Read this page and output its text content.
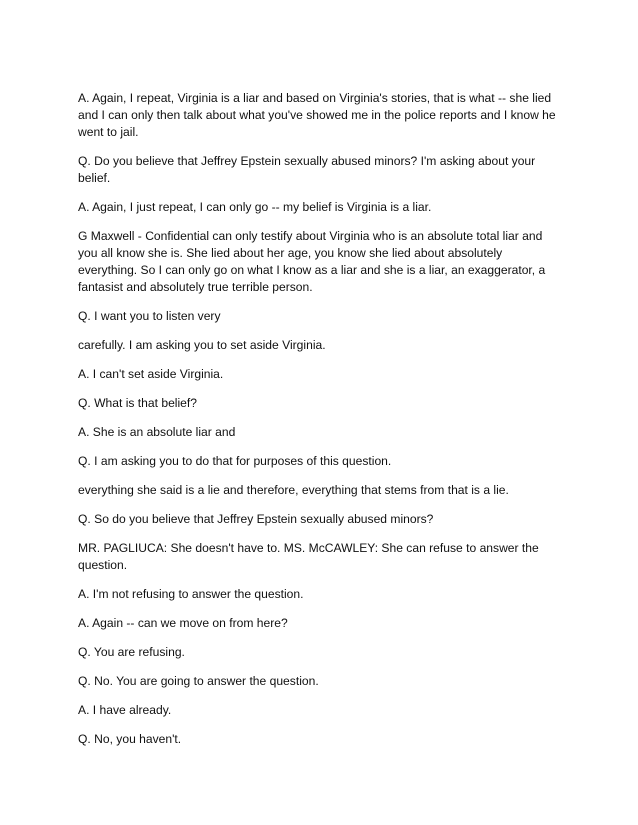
A. Again, I repeat, Virginia is a liar and based on Virginia's stories, that is what -- she lied and I can only then talk about what you've showed me in the police reports and I know he went to jail.

Q. Do you believe that Jeffrey Epstein sexually abused minors? I'm asking about your belief.

A. Again, I just repeat, I can only go -- my belief is Virginia is a liar.

G Maxwell - Confidential can only testify about Virginia who is an absolute total liar and you all know she is. She lied about her age, you know she lied about absolutely everything. So I can only go on what I know as a liar and she is a liar, an exaggerator, a fantasist and absolutely true terrible person.

Q. I want you to listen very

carefully. I am asking you to set aside Virginia.

A. I can't set aside Virginia.

Q. What is that belief?

A. She is an absolute liar and

Q. I am asking you to do that for purposes of this question.

everything she said is a lie and therefore, everything that stems from that is a lie.

Q. So do you believe that Jeffrey Epstein sexually abused minors?

MR. PAGLIUCA: She doesn't have to. MS. McCAWLEY: She can refuse to answer the question.

A. I'm not refusing to answer the question.

A. Again -- can we move on from here?

Q. You are refusing.

Q. No. You are going to answer the question.

A. I have already.

Q. No, you haven't.
